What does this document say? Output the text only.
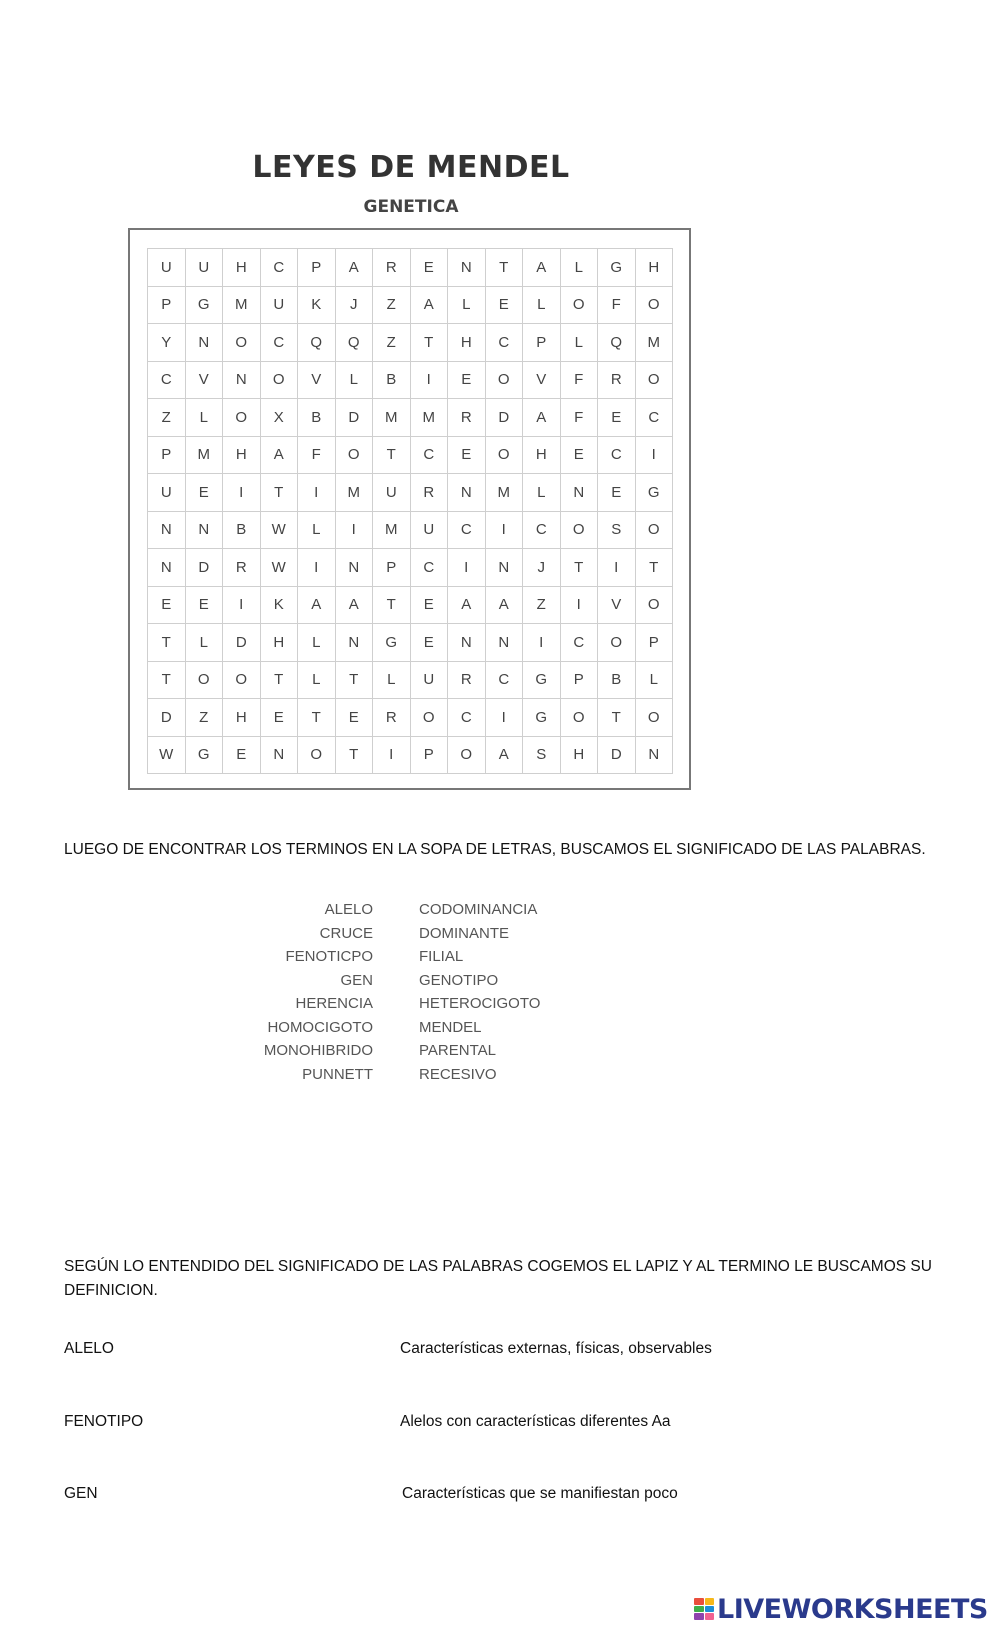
LEYES DE MENDEL
GENETICA
U	U	H	C	P	A	R	E	N	T	A	L	G	H
P	G	M	U	K	J	Z	A	L	E	L	O	F	O
Y	N	O	C	Q	Q	Z	T	H	C	P	L	Q	M
C	V	N	O	V	L	B	I	E	O	V	F	R	O
Z	L	O	X	B	D	M	M	R	D	A	F	E	C
P	M	H	A	F	O	T	C	E	O	H	E	C	I
U	E	I	T	I	M	U	R	N	M	L	N	E	G
N	N	B	W	L	I	M	U	C	I	C	O	S	O
N	D	R	W	I	N	P	C	I	N	J	T	I	T
E	E	I	K	A	A	T	E	A	A	Z	I	V	O
T	L	D	H	L	N	G	E	N	N	I	C	O	P
T	O	O	T	L	T	L	U	R	C	G	P	B	L
D	Z	H	E	T	E	R	O	C	I	G	O	T	O
W	G	E	N	O	T	I	P	O	A	S	H	D	N
LUEGO DE ENCONTRAR LOS TERMINOS EN LA SOPA DE LETRAS, BUSCAMOS EL SIGNIFICADO DE LAS PALABRAS.
ALELO
CRUCE
FENOTICPO
GEN
HERENCIA
HOMOCIGOTO
MONOHIBRIDO
PUNNETT
CODOMINANCIA
DOMINANTE
FILIAL
GENOTIPO
HETEROCIGOTO
MENDEL
PARENTAL
RECESIVO
SEGÚN LO ENTENDIDO DEL SIGNIFICADO DE LAS PALABRAS COGEMOS EL LAPIZ Y AL TERMINO LE BUSCAMOS SU
DEFINICION.
ALELO	Características externas, físicas, observables
FENOTIPO	Alelos con características diferentes Aa
GEN	Características que se manifiestan poco
LIVEWORKSHEETS
